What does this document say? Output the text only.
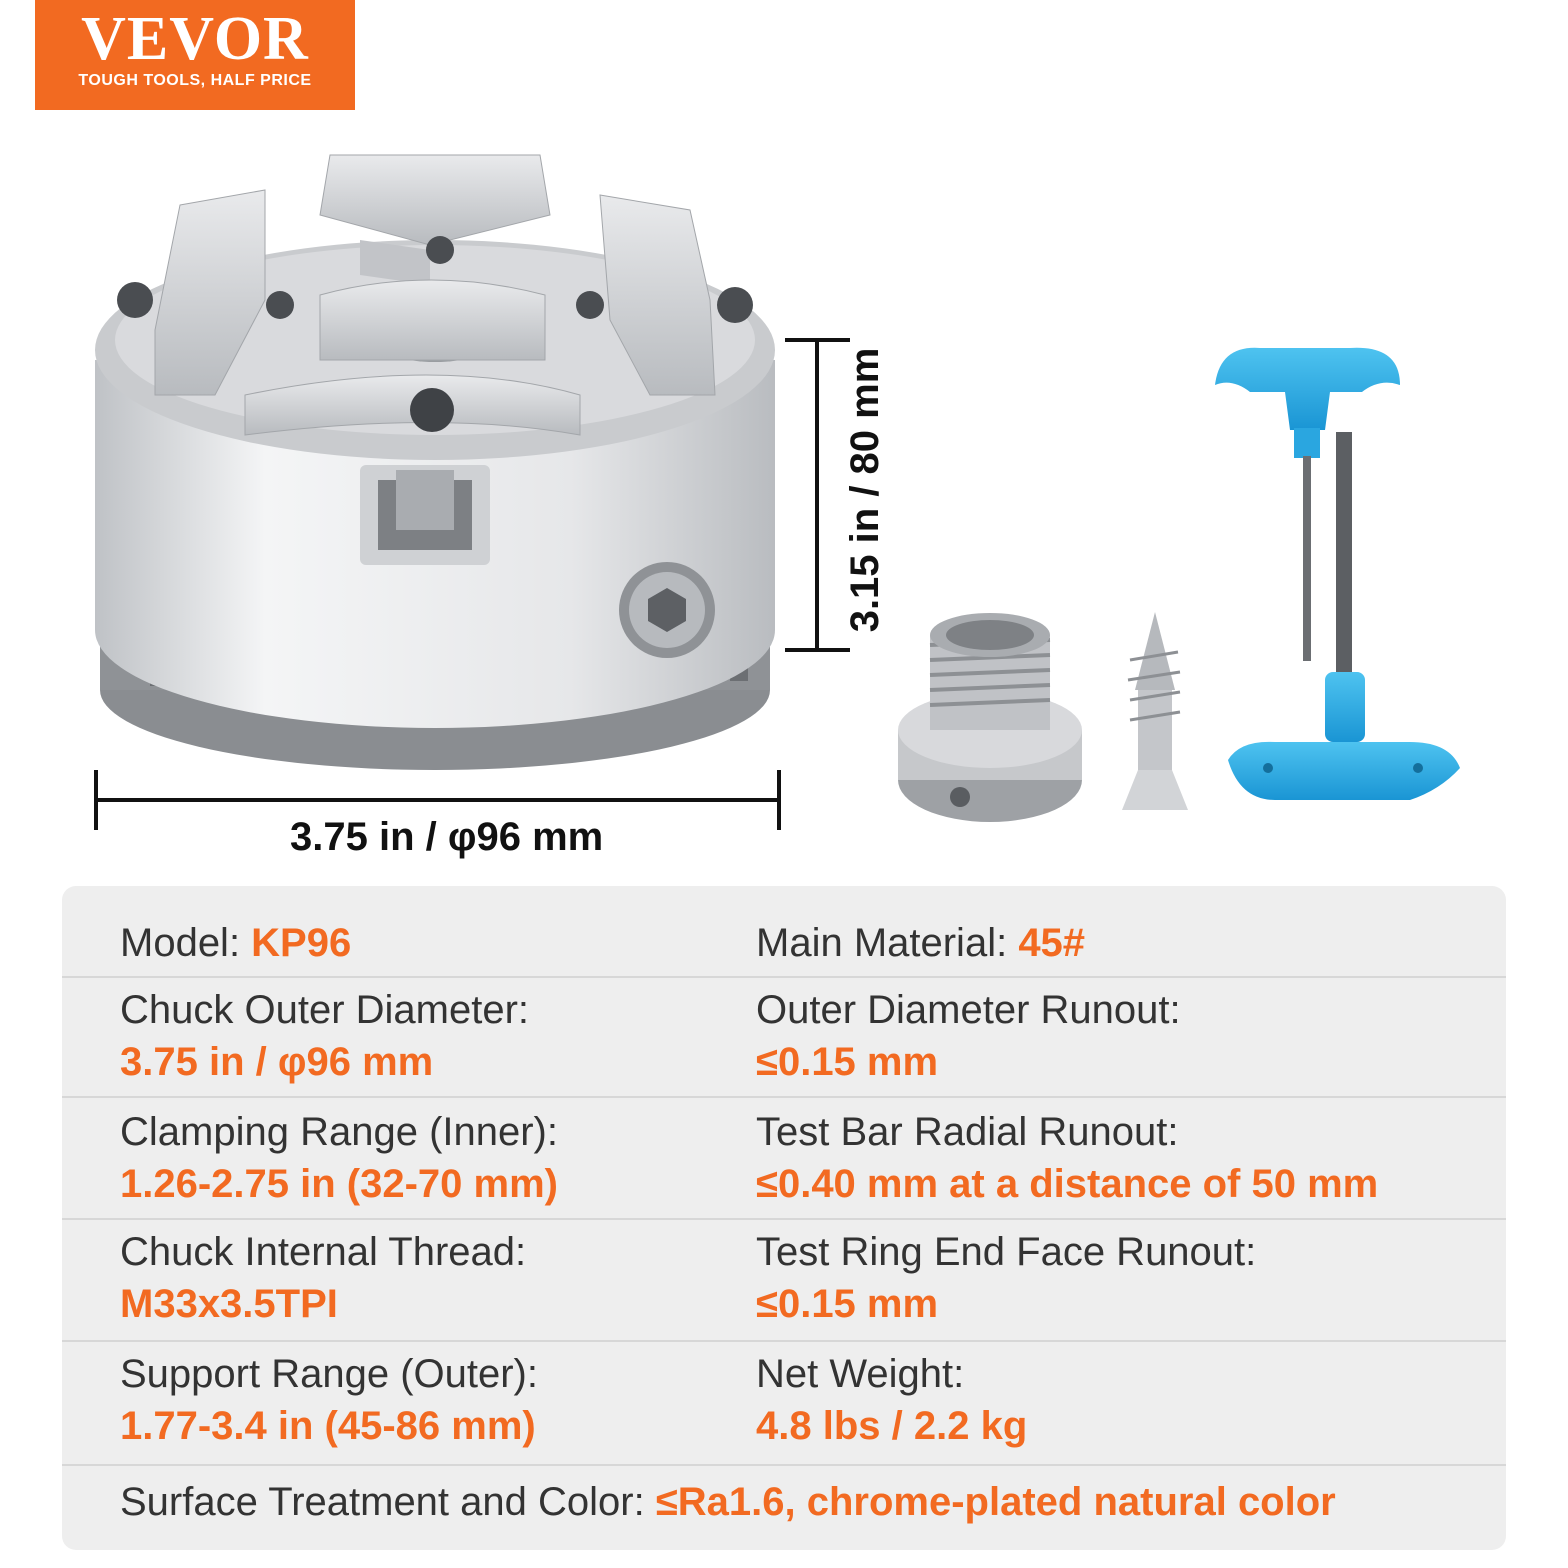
VEVOR
TOUGH TOOLS, HALF PRICE
3.75 in / φ96 mm
3.15 in / 80 mm
Model: KP96	Main Material: 45#
Chuck Outer Diameter:
3.75 in / φ96 mm
Outer Diameter Runout:
≤0.15 mm
Clamping Range (Inner):
1.26-2.75 in (32-70 mm)
Test Bar Radial Runout:
≤0.40 mm at a distance of 50 mm
Chuck Internal Thread:
M33x3.5TPI
Test Ring End Face Runout:
≤0.15 mm
Support Range (Outer):
1.77-3.4 in (45-86 mm)
Net Weight:
4.8 lbs / 2.2 kg
Surface Treatment and Color: ≤Ra1.6, chrome-plated natural color
